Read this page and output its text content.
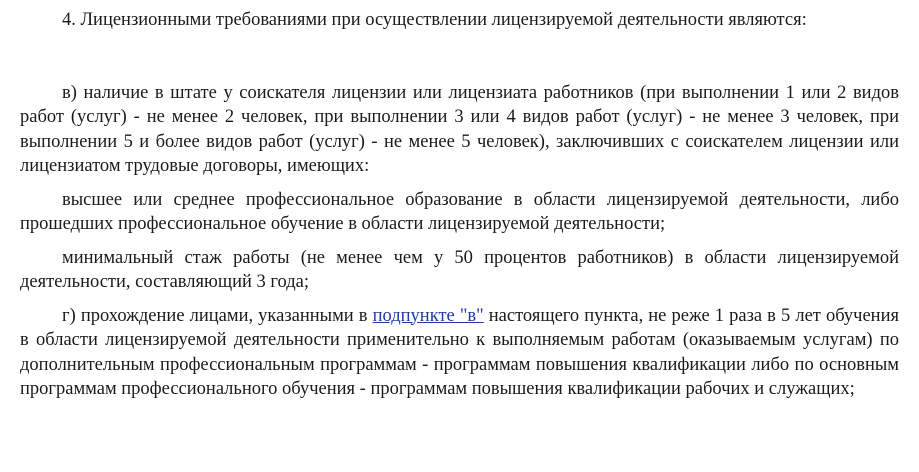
4. Лицензионными требованиями при осуществлении лицензируемой деятельности являются:

в) наличие в штате у соискателя лицензии или лицензиата работников (при выполнении 1 или 2 видов работ (услуг) - не менее 2 человек, при выполнении 3 или 4 видов работ (услуг) - не менее 3 человек, при выполнении 5 и более видов работ (услуг) - не менее 5 человек), заключивших с соискателем лицензии или лицензиатом трудовые договоры, имеющих:

высшее или среднее профессиональное образование в области лицензируемой деятельности, либо прошедших профессиональное обучение в области лицензируемой деятельности;

минимальный стаж работы (не менее чем у 50 процентов работников) в области лицензируемой деятельности, составляющий 3 года;

г) прохождение лицами, указанными в подпункте "в" настоящего пункта, не реже 1 раза в 5 лет обучения в области лицензируемой деятельности применительно к выполняемым работам (оказываемым услугам) по дополнительным профессиональным программам - программам повышения квалификации либо по основным программам профессионального обучения - программам повышения квалификации рабочих и служащих;
